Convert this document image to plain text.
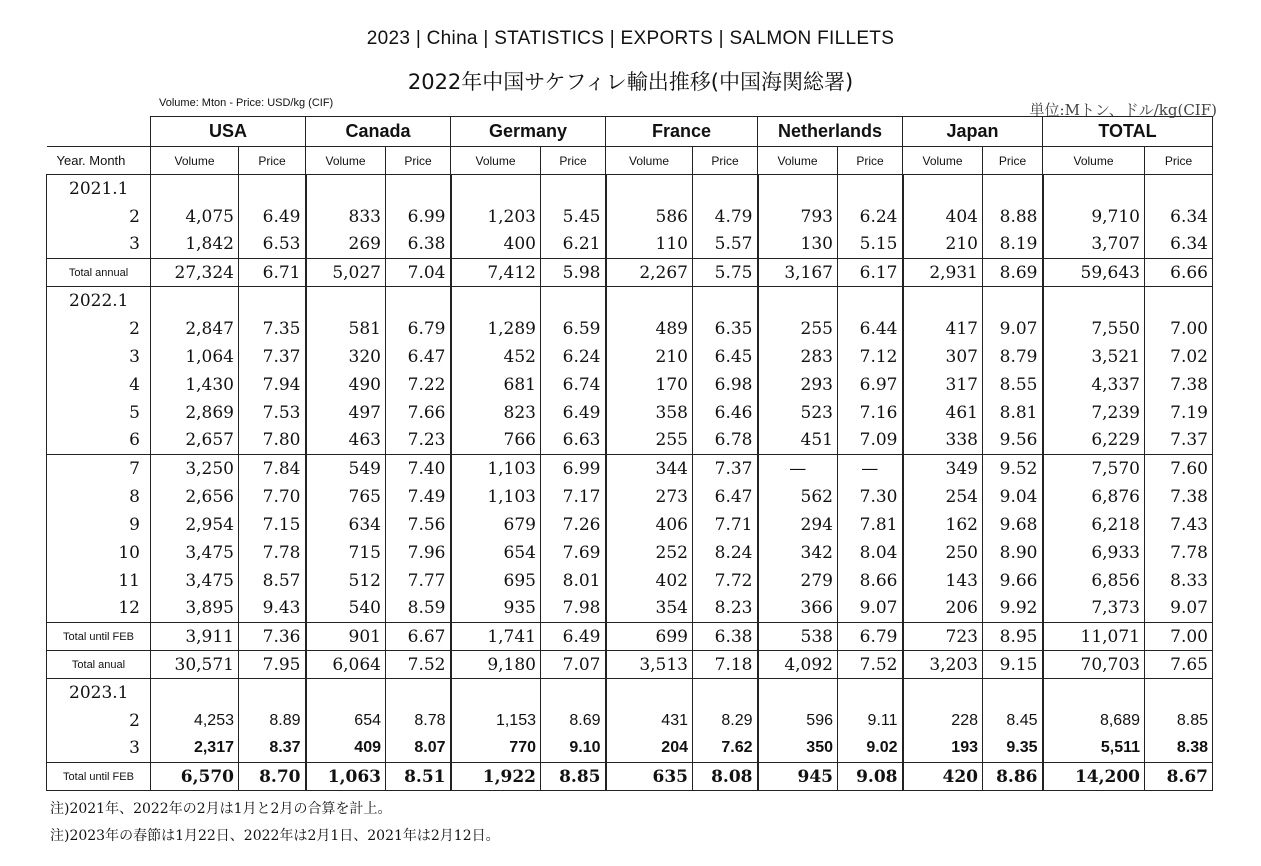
2023 | China | STATISTICS | EXPORTS | SALMON FILLETS
2022年中国サケフィレ輸出推移(中国海関総署)
Volume: Mton - Price: USD/kg (CIF)	単位:Mトン、ドル/kg(CIF)
	USA		Canada		Germany		France		Netherlands		Japan		TOTAL	
Year. Month	Volume	Price	Volume	Price	Volume	Price	Volume	Price	Volume	Price	Volume	Price	Volume	Price
2021.1														
2	4,075	6.49	833	6.99	1,203	5.45	586	4.79	793	6.24	404	8.88	9,710	6.34
3	1,842	6.53	269	6.38	400	6.21	110	5.57	130	5.15	210	8.19	3,707	6.34
Total annual	27,324	6.71	5,027	7.04	7,412	5.98	2,267	5.75	3,167	6.17	2,931	8.69	59,643	6.66
2022.1														
2	2,847	7.35	581	6.79	1,289	6.59	489	6.35	255	6.44	417	9.07	7,550	7.00
3	1,064	7.37	320	6.47	452	6.24	210	6.45	283	7.12	307	8.79	3,521	7.02
4	1,430	7.94	490	7.22	681	6.74	170	6.98	293	6.97	317	8.55	4,337	7.38
5	2,869	7.53	497	7.66	823	6.49	358	6.46	523	7.16	461	8.81	7,239	7.19
6	2,657	7.80	463	7.23	766	6.63	255	6.78	451	7.09	338	9.56	6,229	7.37
7	3,250	7.84	549	7.40	1,103	6.99	344	7.37	—	—	349	9.52	7,570	7.60
8	2,656	7.70	765	7.49	1,103	7.17	273	6.47	562	7.30	254	9.04	6,876	7.38
9	2,954	7.15	634	7.56	679	7.26	406	7.71	294	7.81	162	9.68	6,218	7.43
10	3,475	7.78	715	7.96	654	7.69	252	8.24	342	8.04	250	8.90	6,933	7.78
11	3,475	8.57	512	7.77	695	8.01	402	7.72	279	8.66	143	9.66	6,856	8.33
12	3,895	9.43	540	8.59	935	7.98	354	8.23	366	9.07	206	9.92	7,373	9.07
Total until FEB	3,911	7.36	901	6.67	1,741	6.49	699	6.38	538	6.79	723	8.95	11,071	7.00
Total anual	30,571	7.95	6,064	7.52	9,180	7.07	3,513	7.18	4,092	7.52	3,203	9.15	70,703	7.65
2023.1														
2	4,253	8.89	654	8.78	1,153	8.69	431	8.29	596	9.11	228	8.45	8,689	8.85
3	2,317	8.37	409	8.07	770	9.10	204	7.62	350	9.02	193	9.35	5,511	8.38
Total until FEB	6,570	8.70	1,063	8.51	1,922	8.85	635	8.08	945	9.08	420	8.86	14,200	8.67
注)2021年、2022年の2月は1月と2月の合算を計上。
注)2023年の春節は1月22日、2022年は2月1日、2021年は2月12日。
